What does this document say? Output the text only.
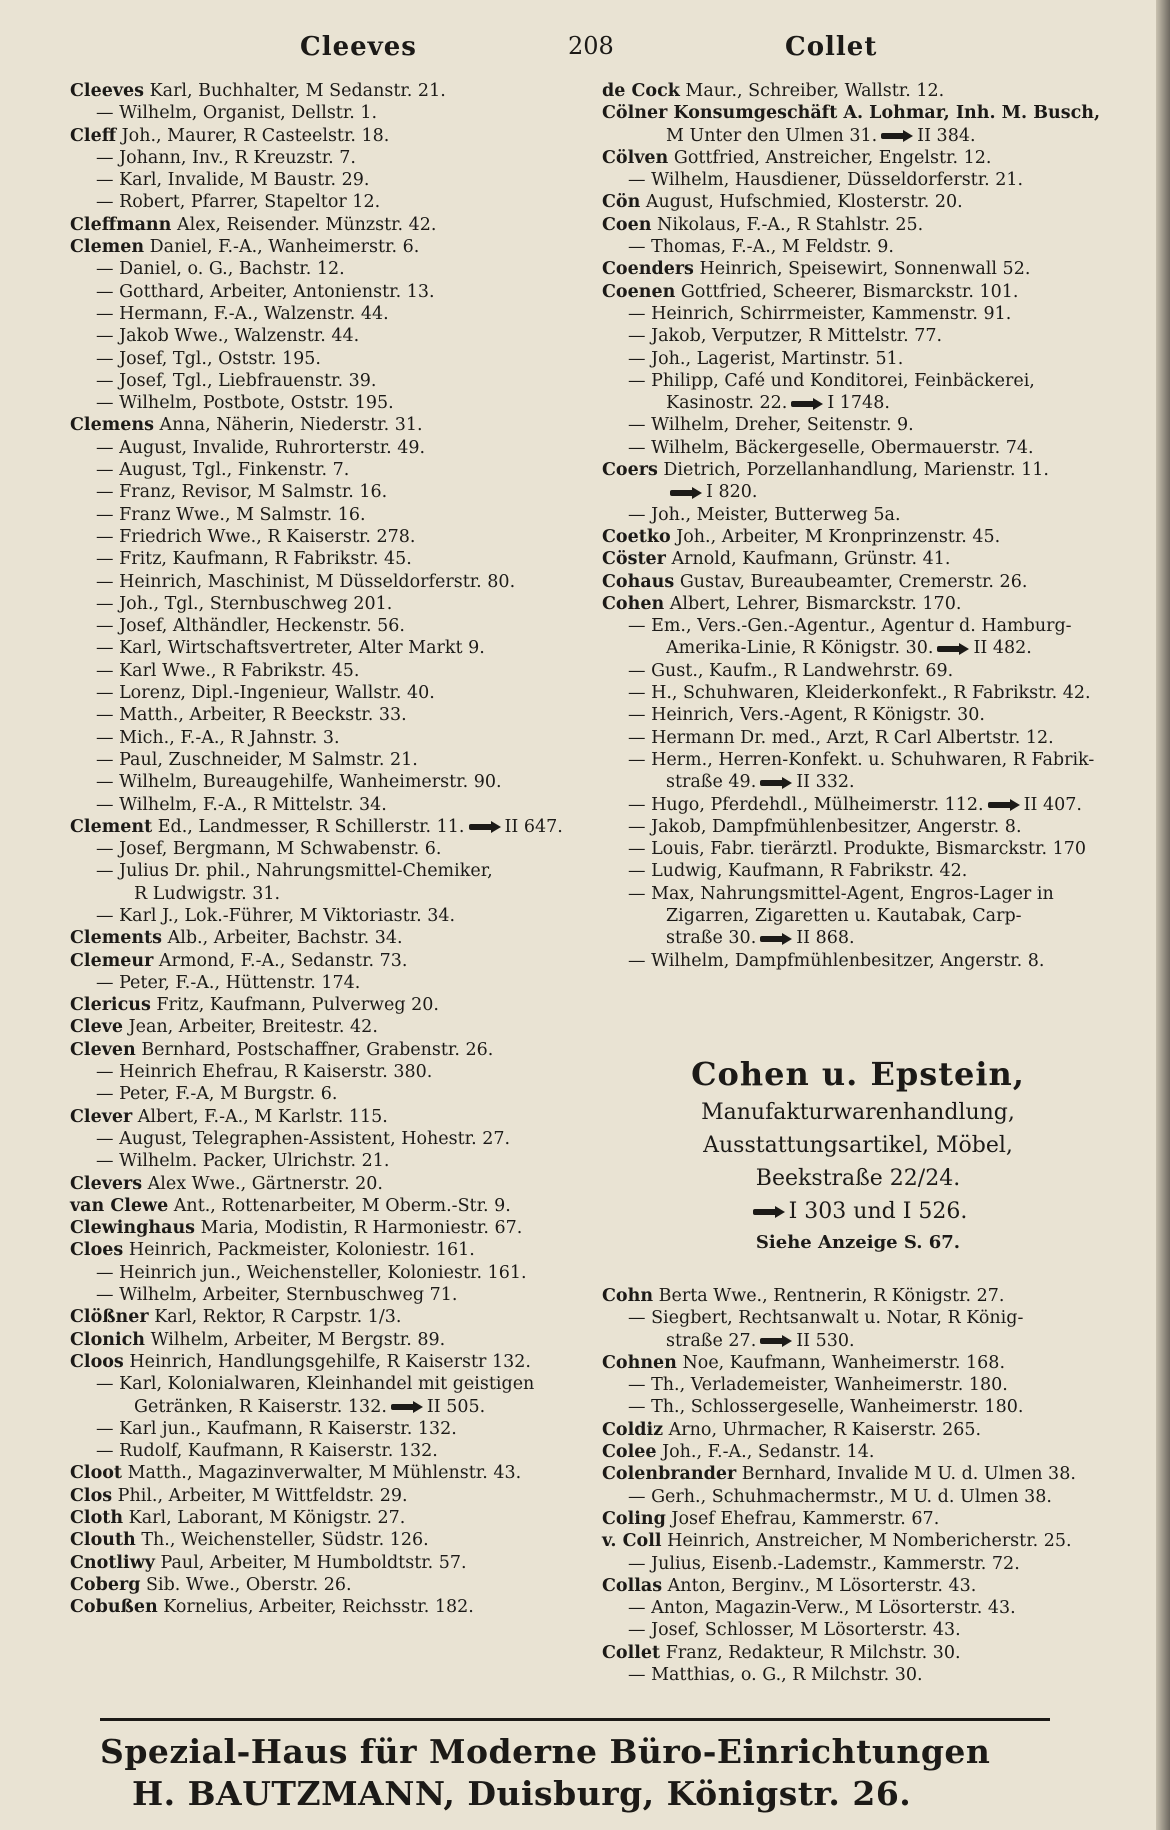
Cleeves	208	Collet
Cleeves Karl, Buchhalter, M Sedanstr. 21.
— Wilhelm, Organist, Dellstr. 1.
Cleff Joh., Maurer, R Casteelstr. 18.
— Johann, Inv., R Kreuzstr. 7.
— Karl, Invalide, M Baustr. 29.
— Robert, Pfarrer, Stapeltor 12.
Cleffmann Alex, Reisender. Münzstr. 42.
Clemen Daniel, F.-A., Wanheimerstr. 6.
— Daniel, o. G., Bachstr. 12.
— Gotthard, Arbeiter, Antonienstr. 13.
— Hermann, F.-A., Walzenstr. 44.
— Jakob Wwe., Walzenstr. 44.
— Josef, Tgl., Oststr. 195.
— Josef, Tgl., Liebfrauenstr. 39.
— Wilhelm, Postbote, Oststr. 195.
Clemens Anna, Näherin, Niederstr. 31.
— August, Invalide, Ruhrorterstr. 49.
— August, Tgl., Finkenstr. 7.
— Franz, Revisor, M Salmstr. 16.
— Franz Wwe., M Salmstr. 16.
— Friedrich Wwe., R Kaiserstr. 278.
— Fritz, Kaufmann, R Fabrikstr. 45.
— Heinrich, Maschinist, M Düsseldorferstr. 80.
— Joh., Tgl., Sternbuschweg 201.
— Josef, Althändler, Heckenstr. 56.
— Karl, Wirtschaftsvertreter, Alter Markt 9.
— Karl Wwe., R Fabrikstr. 45.
— Lorenz, Dipl.-Ingenieur, Wallstr. 40.
— Matth., Arbeiter, R Beeckstr. 33.
— Mich., F.-A., R Jahnstr. 3.
— Paul, Zuschneider, M Salmstr. 21.
— Wilhelm, Bureaugehilfe, Wanheimerstr. 90.
— Wilhelm, F.-A., R Mittelstr. 34.
Clement Ed., Landmesser, R Schillerstr. 11. II 647.
— Josef, Bergmann, M Schwabenstr. 6.
— Julius Dr. phil., Nahrungsmittel-Chemiker,
R Ludwigstr. 31.
— Karl J., Lok.-Führer, M Viktoriastr. 34.
Clements Alb., Arbeiter, Bachstr. 34.
Clemeur Armond, F.-A., Sedanstr. 73.
— Peter, F.-A., Hüttenstr. 174.
Clericus Fritz, Kaufmann, Pulverweg 20.
Cleve Jean, Arbeiter, Breitestr. 42.
Cleven Bernhard, Postschaffner, Grabenstr. 26.
— Heinrich Ehefrau, R Kaiserstr. 380.
— Peter, F.-A, M Burgstr. 6.
Clever Albert, F.-A., M Karlstr. 115.
— August, Telegraphen-Assistent, Hohestr. 27.
— Wilhelm. Packer, Ulrichstr. 21.
Clevers Alex Wwe., Gärtnerstr. 20.
van Clewe Ant., Rottenarbeiter, M Oberm.-Str. 9.
Clewinghaus Maria, Modistin, R Harmoniestr. 67.
Cloes Heinrich, Packmeister, Koloniestr. 161.
— Heinrich jun., Weichensteller, Koloniestr. 161.
— Wilhelm, Arbeiter, Sternbuschweg 71.
Clößner Karl, Rektor, R Carpstr. 1/3.
Clonich Wilhelm, Arbeiter, M Bergstr. 89.
Cloos Heinrich, Handlungsgehilfe, R Kaiserstr 132.
— Karl, Kolonialwaren, Kleinhandel mit geistigen
Getränken, R Kaiserstr. 132. II 505.
— Karl jun., Kaufmann, R Kaiserstr. 132.
— Rudolf, Kaufmann, R Kaiserstr. 132.
Cloot Matth., Magazinverwalter, M Mühlenstr. 43.
Clos Phil., Arbeiter, M Wittfeldstr. 29.
Cloth Karl, Laborant, M Königstr. 27.
Clouth Th., Weichensteller, Südstr. 126.
Cnotliwy Paul, Arbeiter, M Humboldtstr. 57.
Coberg Sib. Wwe., Oberstr. 26.
Cobußen Kornelius, Arbeiter, Reichsstr. 182.
de Cock Maur., Schreiber, Wallstr. 12.
Cölner Konsumgeschäft A. Lohmar, Inh. M. Busch,
M Unter den Ulmen 31. II 384.
Cölven Gottfried, Anstreicher, Engelstr. 12.
— Wilhelm, Hausdiener, Düsseldorferstr. 21.
Cön August, Hufschmied, Klosterstr. 20.
Coen Nikolaus, F.-A., R Stahlstr. 25.
— Thomas, F.-A., M Feldstr. 9.
Coenders Heinrich, Speisewirt, Sonnenwall 52.
Coenen Gottfried, Scheerer, Bismarckstr. 101.
— Heinrich, Schirrmeister, Kammenstr. 91.
— Jakob, Verputzer, R Mittelstr. 77.
— Joh., Lagerist, Martinstr. 51.
— Philipp, Café und Konditorei, Feinbäckerei,
Kasinostr. 22. I 1748.
— Wilhelm, Dreher, Seitenstr. 9.
— Wilhelm, Bäckergeselle, Obermauerstr. 74.
Coers Dietrich, Porzellanhandlung, Marienstr. 11.
I 820.
— Joh., Meister, Butterweg 5a.
Coetko Joh., Arbeiter, M Kronprinzenstr. 45.
Cöster Arnold, Kaufmann, Grünstr. 41.
Cohaus Gustav, Bureaubeamter, Cremerstr. 26.
Cohen Albert, Lehrer, Bismarckstr. 170.
— Em., Vers.-Gen.-Agentur., Agentur d. Hamburg-
Amerika-Linie, R Königstr. 30. II 482.
— Gust., Kaufm., R Landwehrstr. 69.
— H., Schuhwaren, Kleiderkonfekt., R Fabrikstr. 42.
— Heinrich, Vers.-Agent, R Königstr. 30.
— Hermann Dr. med., Arzt, R Carl Albertstr. 12.
— Herm., Herren-Konfekt. u. Schuhwaren, R Fabrik-
straße 49. II 332.
— Hugo, Pferdehdl., Mülheimerstr. 112. II 407.
— Jakob, Dampfmühlenbesitzer, Angerstr. 8.
— Louis, Fabr. tierärztl. Produkte, Bismarckstr. 170
— Ludwig, Kaufmann, R Fabrikstr. 42.
— Max, Nahrungsmittel-Agent, Engros-Lager in
Zigarren, Zigaretten u. Kautabak, Carp-
straße 30. II 868.
— Wilhelm, Dampfmühlenbesitzer, Angerstr. 8.
Cohen u. Epstein,
Manufakturwarenhandlung,
Ausstattungsartikel, Möbel,
Beekstraße 22/24.
I 303 und I 526.
Siehe Anzeige S. 67.
Cohn Berta Wwe., Rentnerin, R Königstr. 27.
— Siegbert, Rechtsanwalt u. Notar, R König-
straße 27. II 530.
Cohnen Noe, Kaufmann, Wanheimerstr. 168.
— Th., Verlademeister, Wanheimerstr. 180.
— Th., Schlossergeselle, Wanheimerstr. 180.
Coldiz Arno, Uhrmacher, R Kaiserstr. 265.
Colee Joh., F.-A., Sedanstr. 14.
Colenbrander Bernhard, Invalide M U. d. Ulmen 38.
— Gerh., Schuhmachermstr., M U. d. Ulmen 38.
Coling Josef Ehefrau, Kammerstr. 67.
v. Coll Heinrich, Anstreicher, M Nombericherstr. 25.
— Julius, Eisenb.-Lademstr., Kammerstr. 72.
Collas Anton, Berginv., M Lösorterstr. 43.
— Anton, Magazin-Verw., M Lösorterstr. 43.
— Josef, Schlosser, M Lösorterstr. 43.
Collet Franz, Redakteur, R Milchstr. 30.
— Matthias, o. G., R Milchstr. 30.
Spezial-Haus für Moderne Büro-Einrichtungen
H. BAUTZMANN, Duisburg, Königstr. 26.
